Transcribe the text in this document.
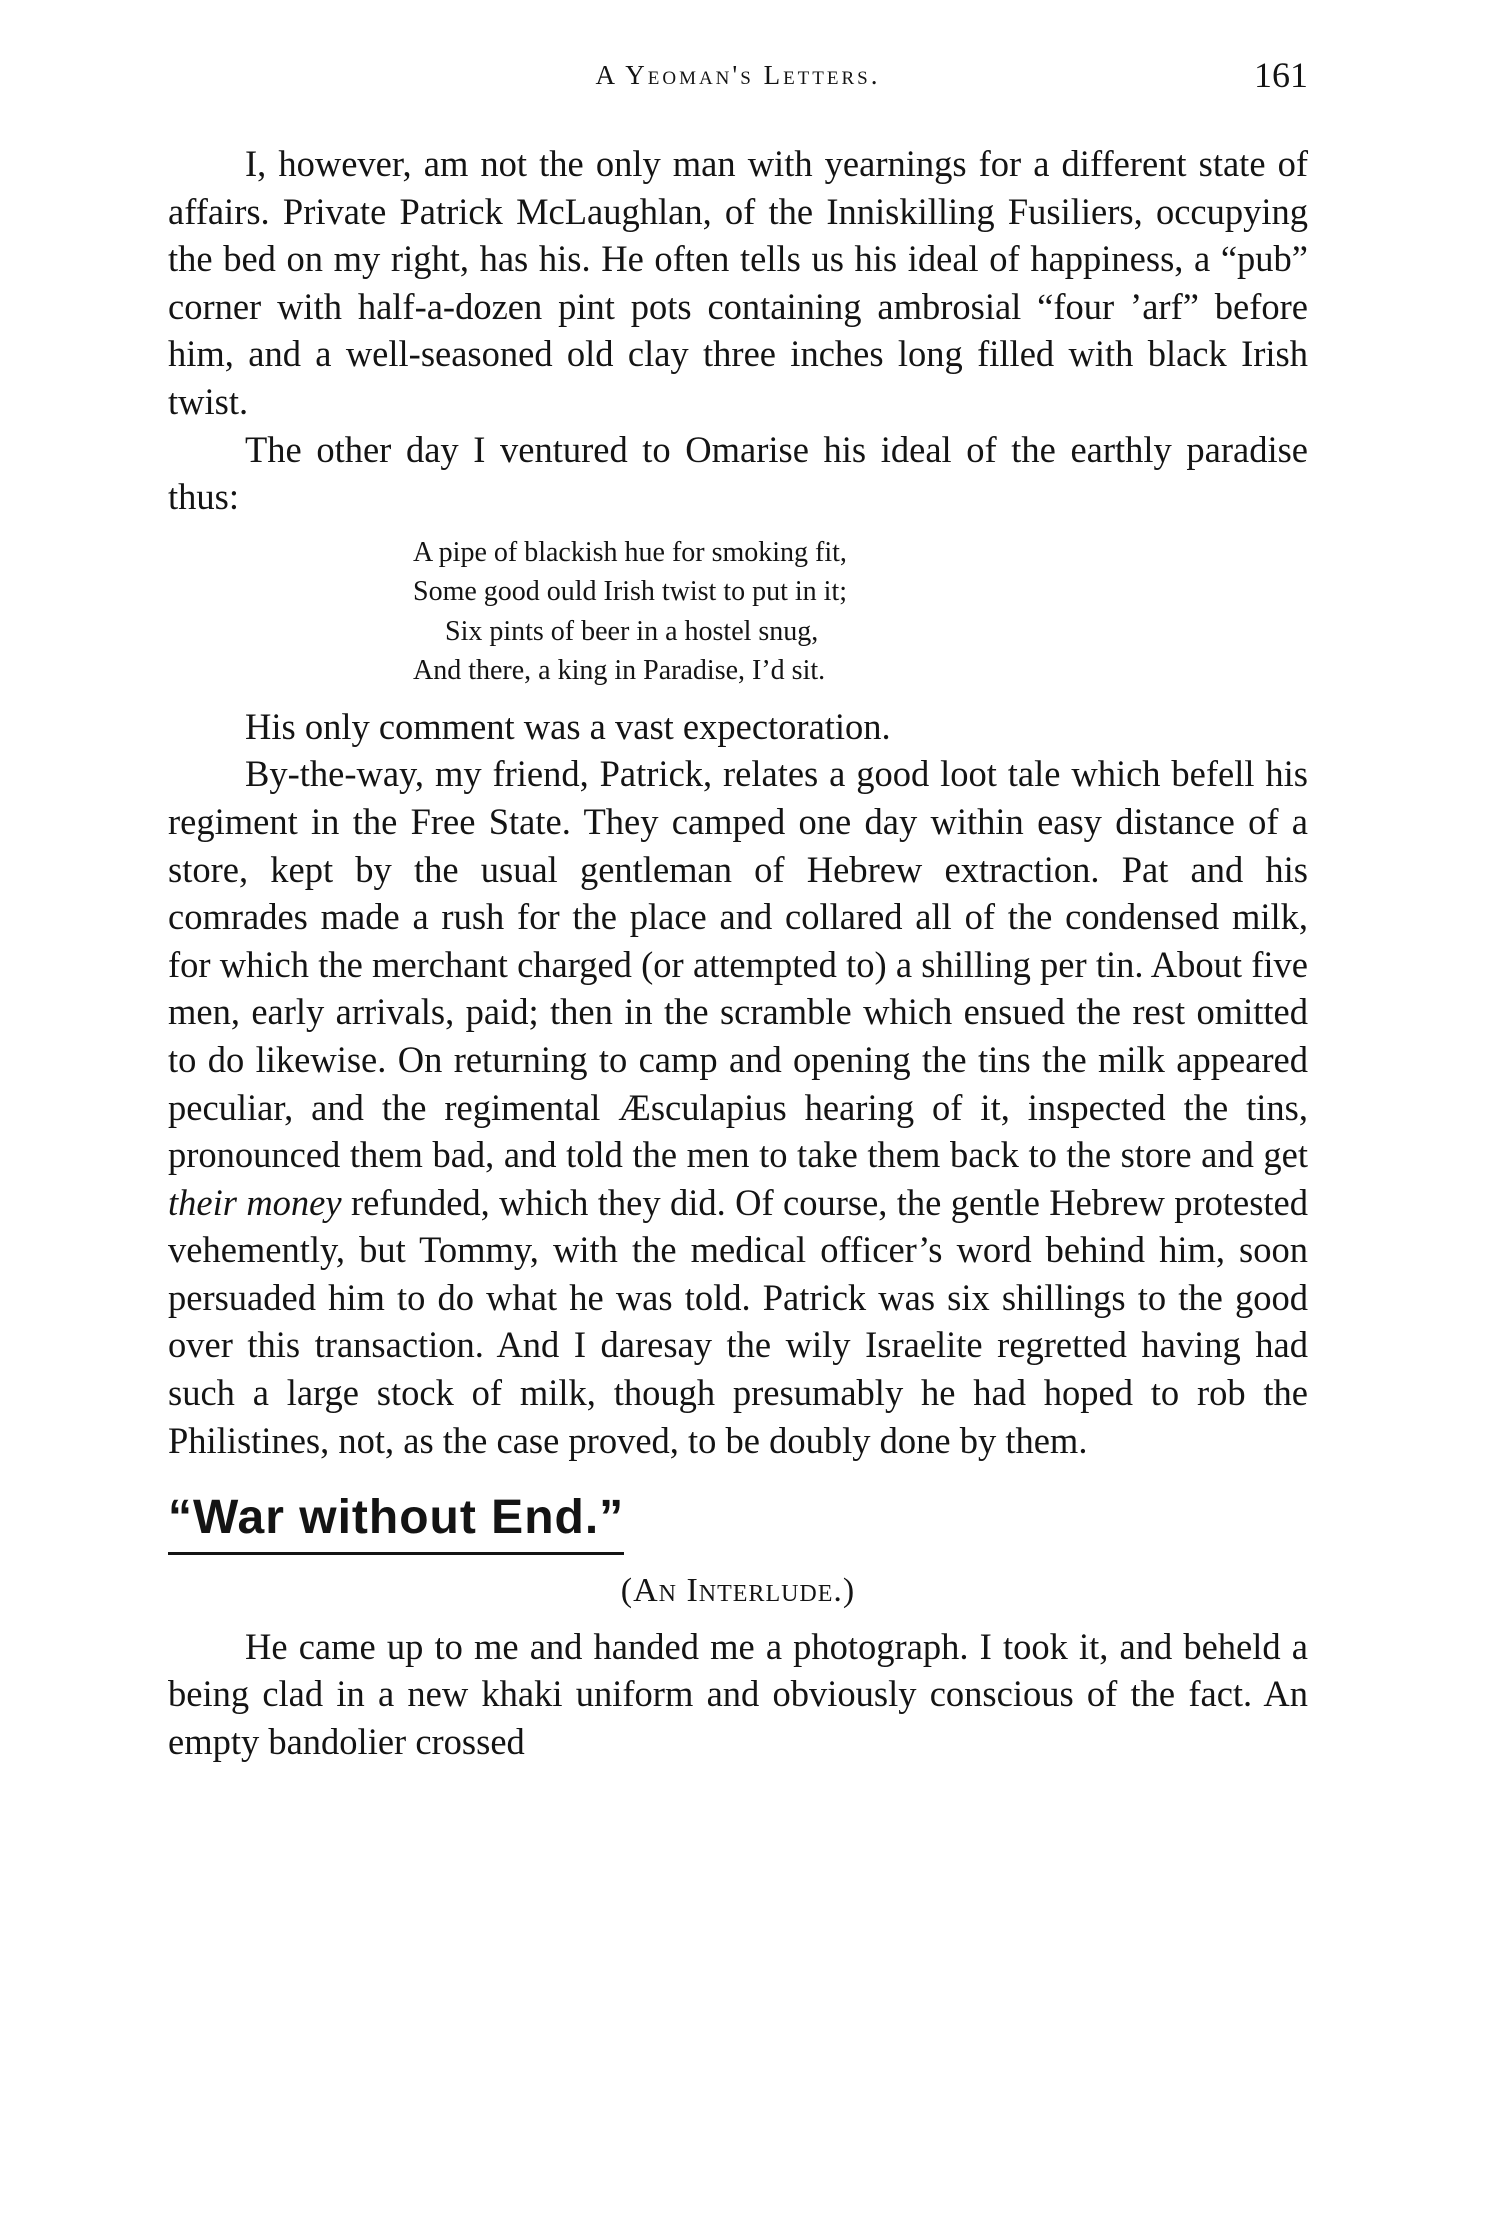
A Yeoman's Letters.	161

I, however, am not the only man with yearnings for a different state of affairs. Private Patrick McLaughlan, of the Inniskilling Fusiliers, occupying the bed on my right, has his. He often tells us his ideal of happiness, a “pub” corner with half-a-dozen pint pots containing ambrosial “four ’arf” before him, and a well-seasoned old clay three inches long filled with black Irish twist.

The other day I ventured to Omarise his ideal of the earthly paradise thus:

A pipe of blackish hue for smoking fit,
Some good ould Irish twist to put in it;
Six pints of beer in a hostel snug,
And there, a king in Paradise, I’d sit.

His only comment was a vast expectoration.

By-the-way, my friend, Patrick, relates a good loot tale which befell his regiment in the Free State. They camped one day within easy distance of a store, kept by the usual gentleman of Hebrew extraction. Pat and his comrades made a rush for the place and collared all of the condensed milk, for which the merchant charged (or attempted to) a shilling per tin. About five men, early arrivals, paid; then in the scramble which ensued the rest omitted to do likewise. On returning to camp and opening the tins the milk appeared peculiar, and the regimental Æsculapius hearing of it, inspected the tins, pronounced them bad, and told the men to take them back to the store and get their money refunded, which they did. Of course, the gentle Hebrew protested vehemently, but Tommy, with the medical officer’s word behind him, soon persuaded him to do what he was told. Patrick was six shillings to the good over this transaction. And I daresay the wily Israelite regretted having had such a large stock of milk, though presumably he had hoped to rob the Philistines, not, as the case proved, to be doubly done by them.

“War without End.”
(An Interlude.)

He came up to me and handed me a photograph. I took it, and beheld a being clad in a new khaki uniform and obviously conscious of the fact. An empty bandolier crossed
